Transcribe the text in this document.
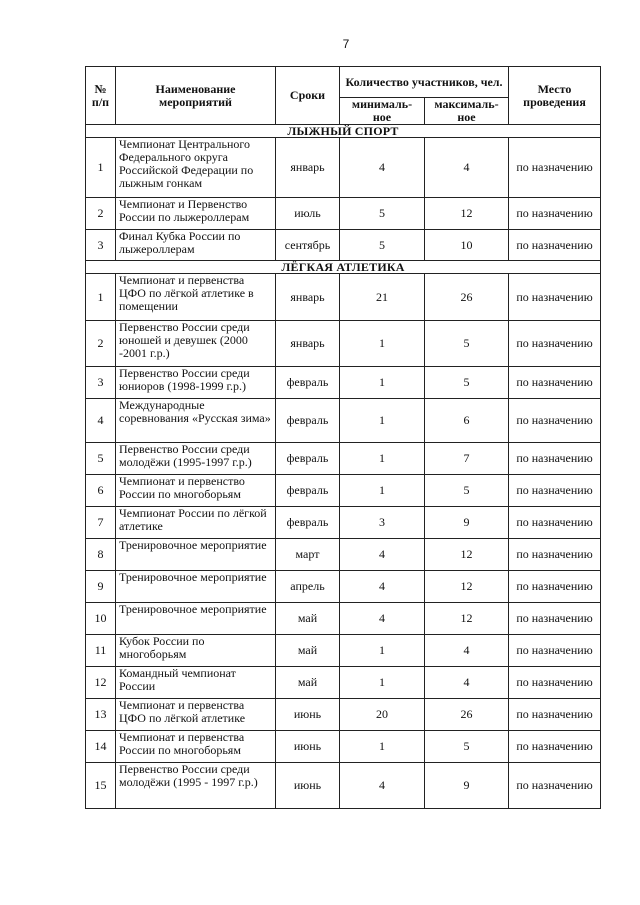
7
№ п/п	Наименование мероприятий	Сроки	Количество участников, чел.		Место проведения
			минималь-ное	максималь-ное	
ЛЫЖНЫЙ СПОРТ					
1	Чемпионат Центрального Федерального округа Российской Федерации по лыжным гонкам	январь	4	4	по назначению
2	Чемпионат и Первенство России по лыжероллерам	июль	5	12	по назначению
3	Финал Кубка России по лыжероллерам	сентябрь	5	10	по назначению
ЛЁГКАЯ АТЛЕТИКА					
1	Чемпионат и первенства ЦФО по лёгкой атлетике в помещении	январь	21	26	по назначению
2	Первенство России среди юношей и девушек (2000 -2001 г.р.)	январь	1	5	по назначению
3	Первенство России среди юниоров (1998-1999 г.р.)	февраль	1	5	по назначению
4	Международные соревнования «Русская зима»	февраль	1	6	по назначению
5	Первенство России среди молодёжи (1995-1997 г.р.)	февраль	1	7	по назначению
6	Чемпионат и первенство России по многоборьям	февраль	1	5	по назначению
7	Чемпионат России по лёгкой атлетике	февраль	3	9	по назначению
8	Тренировочное мероприятие	март	4	12	по назначению
9	Тренировочное мероприятие	апрель	4	12	по назначению
10	Тренировочное мероприятие	май	4	12	по назначению
11	Кубок России по многоборьям	май	1	4	по назначению
12	Командный чемпионат России	май	1	4	по назначению
13	Чемпионат и первенства ЦФО по лёгкой атлетике	июнь	20	26	по назначению
14	Чемпионат и первенства России по многоборьям	июнь	1	5	по назначению
15	Первенство России среди молодёжи (1995 - 1997 г.р.)	июнь	4	9	по назначению
